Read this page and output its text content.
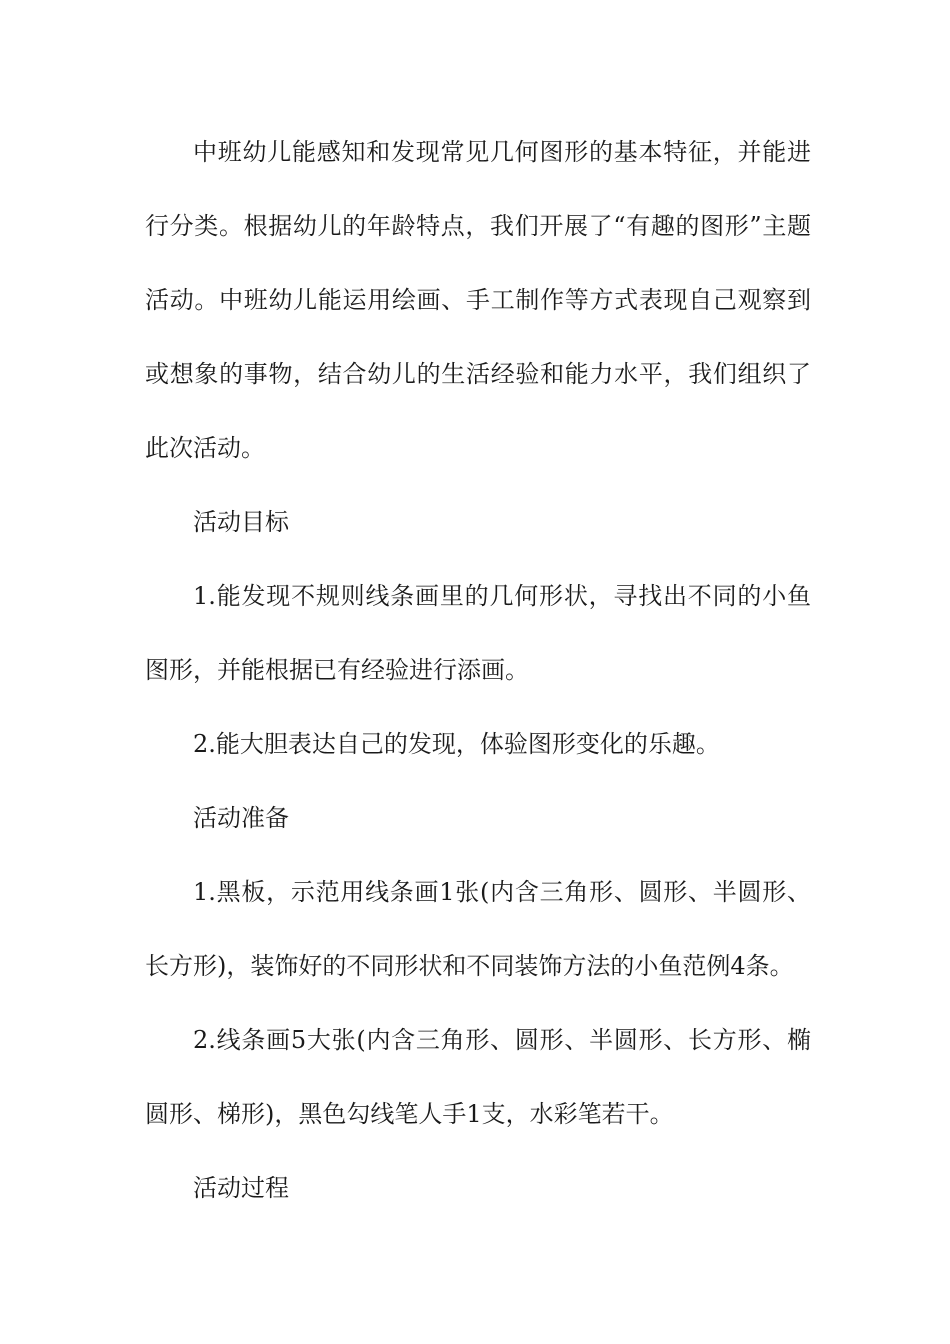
中班幼儿能感知和发现常见几何图形的基本特征，并能进行分类。根据幼儿的年龄特点，我们开展了“有趣的图形”主题活动。中班幼儿能运用绘画、手工制作等方式表现自己观察到或想象的事物，结合幼儿的生活经验和能力水平，我们组织了此次活动。

活动目标

1.能发现不规则线条画里的几何形状，寻找出不同的小鱼图形，并能根据已有经验进行添画。

2.能大胆表达自己的发现，体验图形变化的乐趣。

活动准备

1.黑板，示范用线条画1张(内含三角形、圆形、半圆形、长方形)，装饰好的不同形状和不同装饰方法的小鱼范例4条。

2.线条画5大张(内含三角形、圆形、半圆形、长方形、椭圆形、梯形)，黑色勾线笔人手1支，水彩笔若干。

活动过程
